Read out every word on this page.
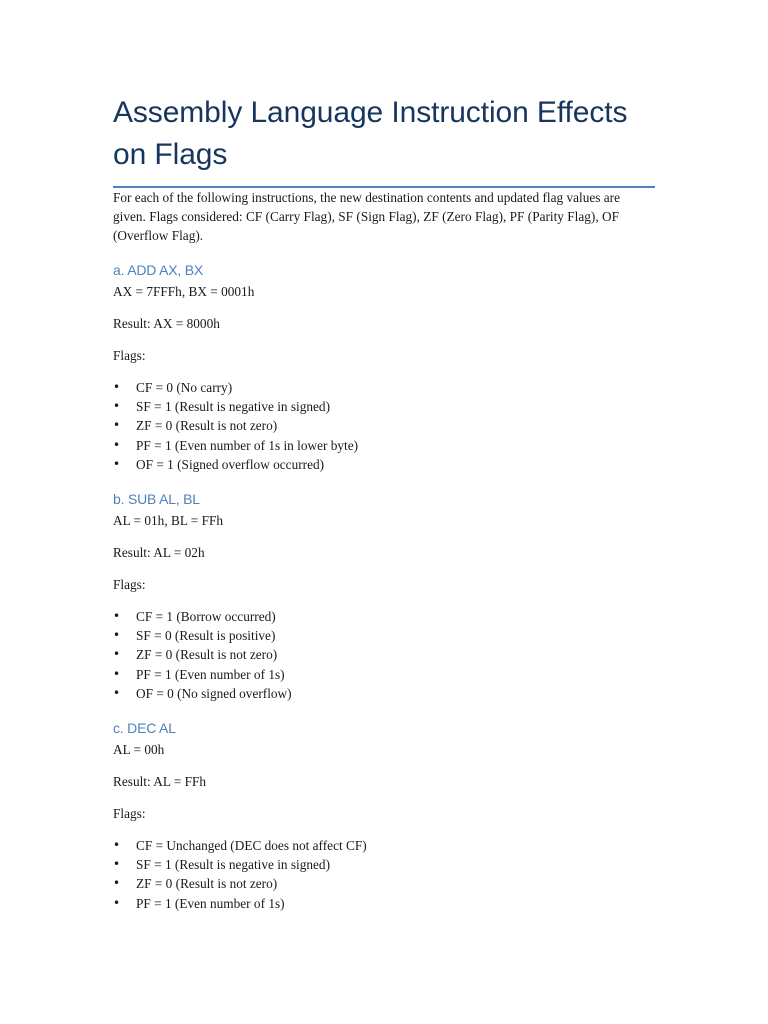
Assembly Language Instruction Effects on Flags

For each of the following instructions, the new destination contents and updated flag values are given. Flags considered: CF (Carry Flag), SF (Sign Flag), ZF (Zero Flag), PF (Parity Flag), OF (Overflow Flag).

a. ADD AX, BX

AX = 7FFFh, BX = 0001h

Result: AX = 8000h

Flags:

• CF = 0 (No carry)
• SF = 1 (Result is negative in signed)
• ZF = 0 (Result is not zero)
• PF = 1 (Even number of 1s in lower byte)
• OF = 1 (Signed overflow occurred)
b. SUB AL, BL

AL = 01h, BL = FFh

Result: AL = 02h

Flags:

• CF = 1 (Borrow occurred)
• SF = 0 (Result is positive)
• ZF = 0 (Result is not zero)
• PF = 1 (Even number of 1s)
• OF = 0 (No signed overflow)
c. DEC AL

AL = 00h

Result: AL = FFh

Flags:

• CF = Unchanged (DEC does not affect CF)
• SF = 1 (Result is negative in signed)
• ZF = 0 (Result is not zero)
• PF = 1 (Even number of 1s)
